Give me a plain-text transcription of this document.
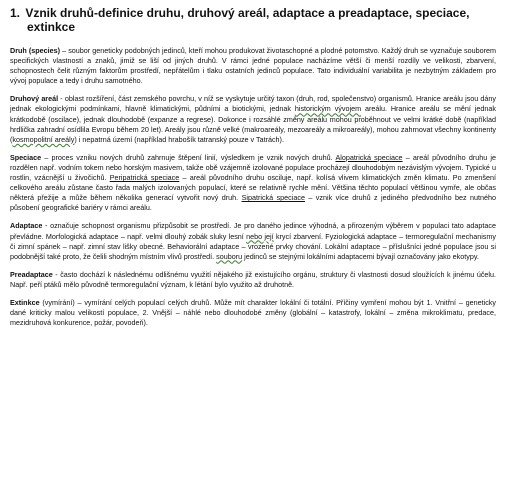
1. Vznik druhů-definice druhu, druhový areál, adaptace a preadaptace, speciace,
extinkce

Druh (species) – soubor geneticky podobných jedinců, kteří mohou produkovat životaschopné a plodné potomstvo. Každý druh se vyznačuje souborem specifických vlastností a znaků, jimiž se liší od jiných druhů. V rámci jedné populace nacházíme větší či menší rozdíly ve velikosti, zbarvení, schopnostech čelit různým faktorům prostředí, nepřátelům i tlaku ostatních jedinců populace. Tato individuální variabilita je nezbytným základem pro vývoj populace a tedy i druhu samotného.

Druhový areál - oblast rozšíření, část zemského povrchu, v níž se vyskytuje určitý taxon (druh, rod, společenstvo) organismů. Hranice areálu jsou dány jednak ekologickými podmínkami, hlavně klimatickými, půdními a biotickými, jednak historickým vývojem areálu. Hranice areálu se mění jednak krátkodobě (oscilace), jednak dlouhodobě (expanze a regrese). Dokonce i rozsáhlé změny areálu mohou proběhnout ve velmi krátké době (například hrdlička zahradní osídlila Evropu během 20 let). Areály jsou různě velké (makroareály, mezoareály a mikroareály), mohou zahrnovat všechny kontinenty (kosmopolitní areály) i nepatrná území (například hrabošík tatranský pouze v Tatrách).

Speciace – proces vzniku nových druhů zahrnuje štěpení linií, výsledkem je vznik nových druhů. Alopatrická speciace – areál původního druhu je rozdělen např. vodním tokem nebo horským masivem, takže obě vzájemně izolované populace procházejí dlouhodobým nezávislým vývojem. Typické u rostlin, vzácnější u živočichů. Peripatrická speciace – areál původního druhu osciluje, např. kolísá vlivem klimatických změn klimatu. Po zmenšení celkového areálu zůstane často řada malých izolovaných populací, které se relativně rychle mění. Většina těchto populací většinou vymře, ale občas některá přežije a může během několika generací vytvořit nový druh. Sipatrická speciace – vznik více druhů z jediného předvodního bez nutného působení geografické bariéry v rámci areálu.

Adaptace - označuje schopnost organismu přizpůsobit se prostředí. Je pro daného jedince výhodná, a přirozeným výběrem v populaci tato adaptace převládne. Morfologická adaptace – např. velmi dlouhý zobák sluky lesní nebo její krycí zbarvení. Fyziologická adaptace – termoregulační mechanismy či zimní spánek – např. zimní stav lišky obecné. Behaviorální adaptace – vrozené prvky chování. Lokální adaptace – příslušníci jedné populace jsou si podobnější také proto, že čelili shodným místním vlivů prostředí. souboru jedinců se stejnými lokálními adaptacemi bývají označovány jako ekotypy.

Preadaptace - často dochází k následnému odlišnému využití nějakého již existujícího orgánu, struktury či vlastnosti dosud sloužících k jinému účelu. Např. peří ptáků mělo původně termoregulační význam, k létání bylo využito až druhotně.

Extinkce (vymírání) – vymírání celých populací celých druhů. Může mít charakter lokální či totální. Příčiny vymření mohou být 1. Vnitřní – geneticky dané kriticky malou velikostí populace, 2. Vnější – náhlé nebo dlouhodobé změny (globální – katastrofy, lokální – změna mikroklimatu, predace, mezidruhová konkurence, požár, povodeň).
